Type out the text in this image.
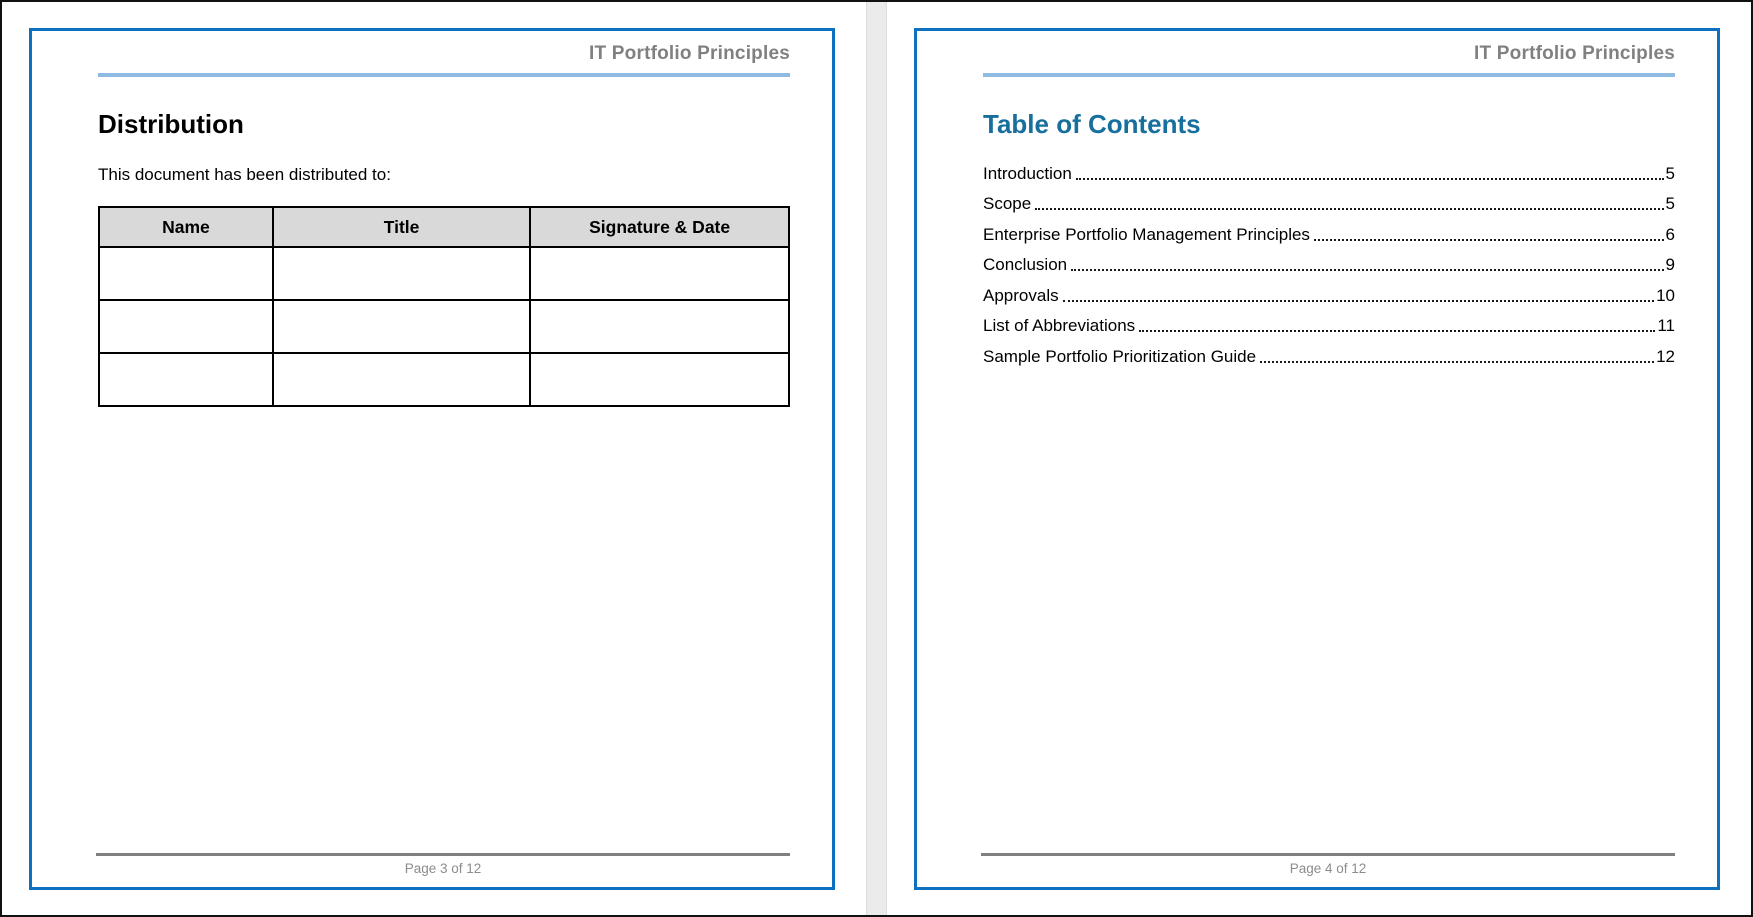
IT Portfolio Principles
Distribution

This document has been distributed to:

Name	Title	Signature & Date

Page 3 of 12
IT Portfolio Principles
Table of Contents
Introduction	5
Scope	5
Enterprise Portfolio Management Principles	6
Conclusion	9
Approvals	10
List of Abbreviations	11
Sample Portfolio Prioritization Guide	12
Page 4 of 12
